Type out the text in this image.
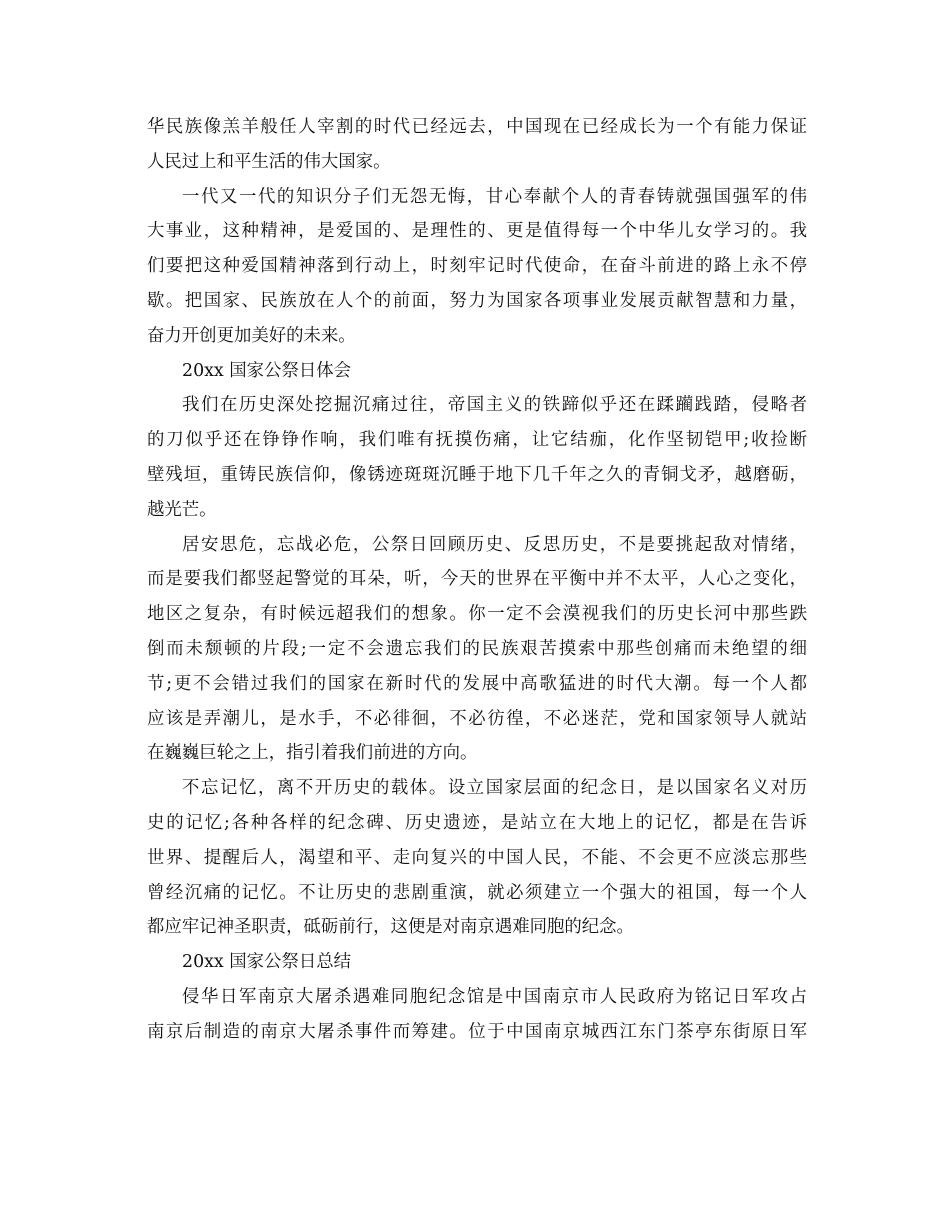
华民族像羔羊般任人宰割的时代已经远去，中国现在已经成长为一个有能力保证
人民过上和平生活的伟大国家。
一代又一代的知识分子们无怨无悔，甘心奉献个人的青春铸就强国强军的伟
大事业，这种精神，是爱国的、是理性的、更是值得每一个中华儿女学习的。我
们要把这种爱国精神落到行动上，时刻牢记时代使命，在奋斗前进的路上永不停
歇。把国家、民族放在人个的前面，努力为国家各项事业发展贡献智慧和力量，
奋力开创更加美好的未来。
20xx 国家公祭日体会
我们在历史深处挖掘沉痛过往，帝国主义的铁蹄似乎还在蹂躏践踏，侵略者
的刀似乎还在铮铮作响，我们唯有抚摸伤痛，让它结痂，化作坚韧铠甲;收捡断
壁残垣，重铸民族信仰，像锈迹斑斑沉睡于地下几千年之久的青铜戈矛，越磨砺，
越光芒。
居安思危，忘战必危，公祭日回顾历史、反思历史，不是要挑起敌对情绪，
而是要我们都竖起警觉的耳朵，听，今天的世界在平衡中并不太平，人心之变化，
地区之复杂，有时候远超我们的想象。你一定不会漠视我们的历史长河中那些跌
倒而未颓顿的片段;一定不会遗忘我们的民族艰苦摸索中那些创痛而未绝望的细
节;更不会错过我们的国家在新时代的发展中高歌猛进的时代大潮。每一个人都
应该是弄潮儿，是水手，不必徘徊，不必彷徨，不必迷茫，党和国家领导人就站
在巍巍巨轮之上，指引着我们前进的方向。
不忘记忆，离不开历史的载体。设立国家层面的纪念日，是以国家名义对历
史的记忆;各种各样的纪念碑、历史遗迹，是站立在大地上的记忆，都是在告诉
世界、提醒后人，渴望和平、走向复兴的中国人民，不能、不会更不应淡忘那些
曾经沉痛的记忆。不让历史的悲剧重演，就必须建立一个强大的祖国，每一个人
都应牢记神圣职责，砥砺前行，这便是对南京遇难同胞的纪念。
20xx 国家公祭日总结
侵华日军南京大屠杀遇难同胞纪念馆是中国南京市人民政府为铭记日军攻占
南京后制造的南京大屠杀事件而筹建。位于中国南京城西江东门茶亭东街原日军
